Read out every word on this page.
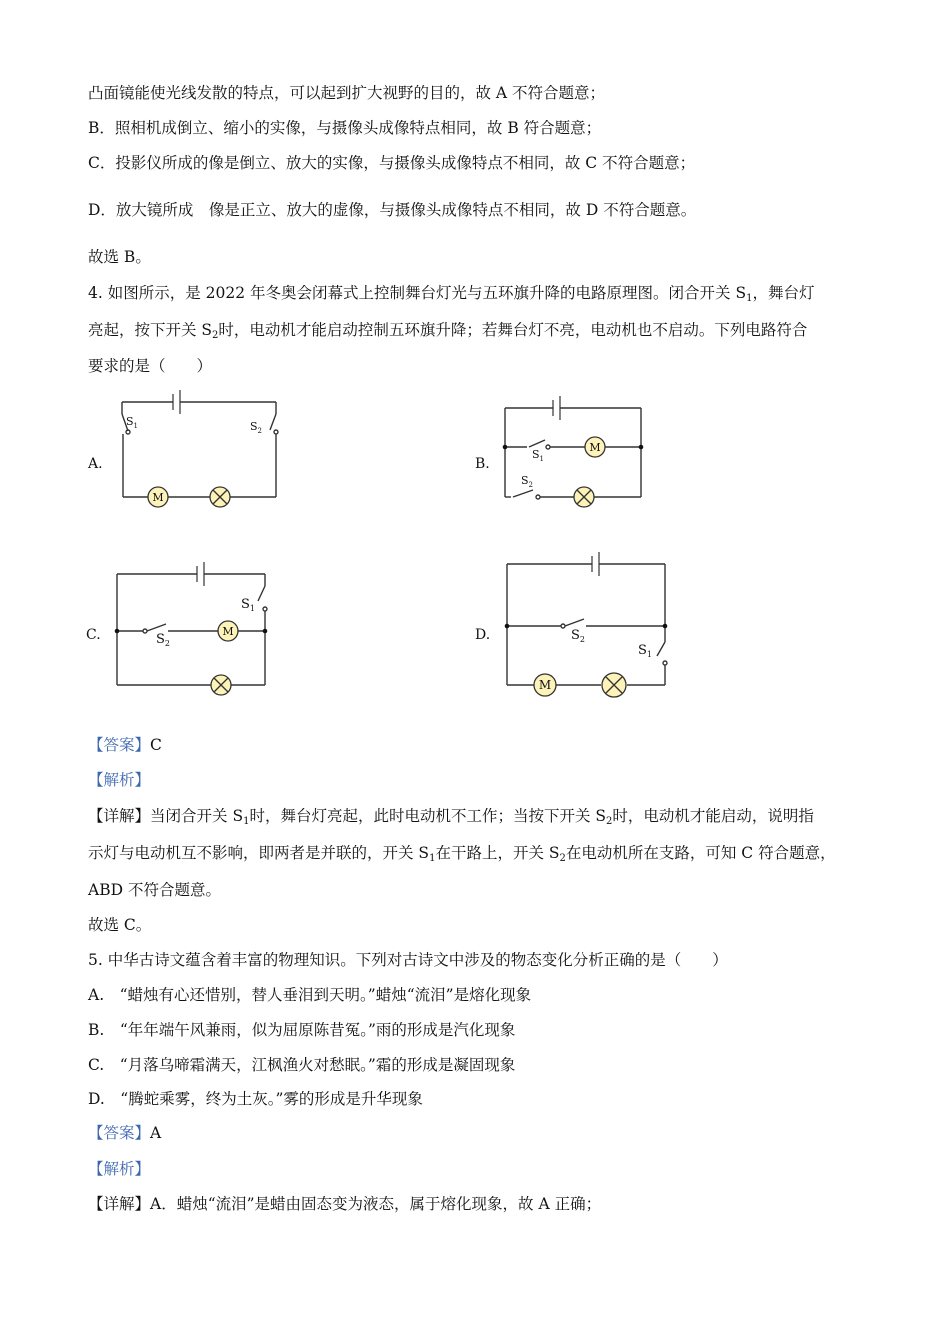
凸面镜能使光线发散的特点，可以起到扩大视野的目的，故 A 不符合题意；
B．照相机成倒立、缩小的实像，与摄像头成像特点相同，故 B 符合题意；
C．投影仪所成的像是倒立、放大的实像，与摄像头成像特点不相同，故 C 不符合题意；
D．放大镜所成　像是正立、放大的虚像，与摄像头成像特点不相同，故 D 不符合题意。
故选 B。
4. 如图所示，是 2022 年冬奥会闭幕式上控制舞台灯光与五环旗升降的电路原理图。闭合开关 $S_1$，舞台灯
亮起，按下开关 $S_2$时，电动机才能启动控制五环旗升降；若舞台灯不亮，电动机也不启动。下列电路符合
要求的是（　　）
M
M
M
M
$S_1$	$S_2$
$S_1$
$S_2$
$S_1$
$S_2$
$S_2$
$S_1$
A.	B.
C.	D.
【答案】C
【解析】
【详解】当闭合开关 $S_1$时，舞台灯亮起，此时电动机不工作；当按下开关 $S_2$时，电动机才能启动，说明指
示灯与电动机互不影响，即两者是并联的，开关 $S_1$在干路上，开关 $S_2$在电动机所在支路，可知 C 符合题意，
ABD 不符合题意。
故选 C。
5. 中华古诗文蕴含着丰富的物理知识。下列对古诗文中涉及的物态变化分析正确的是（　　）
A.　“蜡烛有心还惜别，替人垂泪到天明。”蜡烛“流泪”是熔化现象
B.　“年年端午风兼雨，似为屈原陈昔冤。”雨的形成是汽化现象
C.　“月落乌啼霜满天，江枫渔火对愁眠。”霜的形成是凝固现象
D.　“腾蛇乘雾，终为土灰。”雾的形成是升华现象
【答案】A
【解析】
【详解】A．蜡烛“流泪”是蜡由固态变为液态，属于熔化现象，故 A 正确；
